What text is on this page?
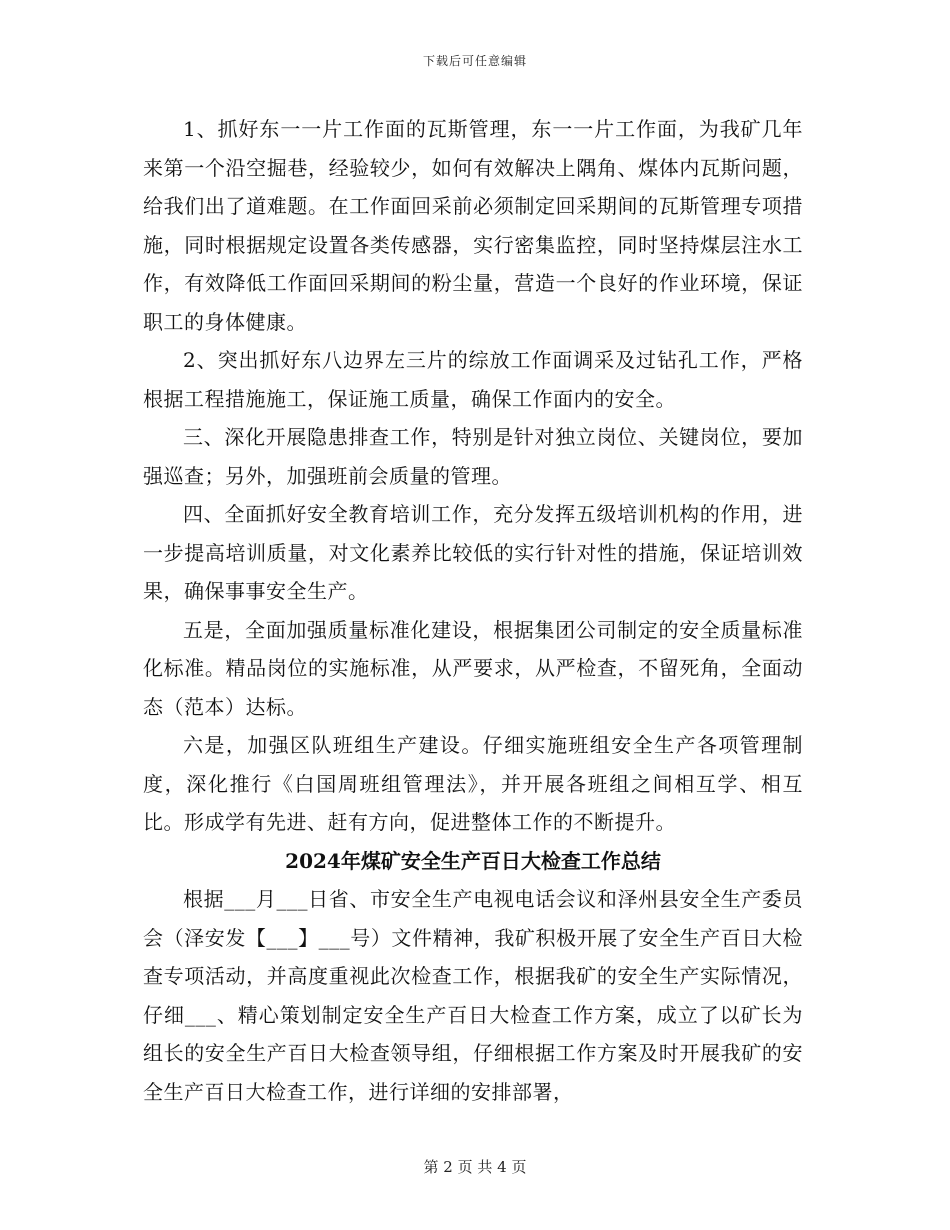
下载后可任意编辑

1、抓好东一一片工作面的瓦斯管理，东一一片工作面，为我矿几年来第一个沿空掘巷，经验较少，如何有效解决上隅角、煤体内瓦斯问题，给我们出了道难题。在工作面回采前必须制定回采期间的瓦斯管理专项措施，同时根据规定设置各类传感器，实行密集监控，同时坚持煤层注水工作，有效降低工作面回采期间的粉尘量，营造一个良好的作业环境，保证职工的身体健康。

2、突出抓好东八边界左三片的综放工作面调采及过钻孔工作，严格根据工程措施施工，保证施工质量，确保工作面内的安全。

三、深化开展隐患排查工作，特别是针对独立岗位、关键岗位，要加强巡查；另外，加强班前会质量的管理。

四、全面抓好安全教育培训工作，充分发挥五级培训机构的作用，进一步提高培训质量，对文化素养比较低的实行针对性的措施，保证培训效果，确保事事安全生产。

五是，全面加强质量标准化建设，根据集团公司制定的安全质量标准化标准。精品岗位的实施标准，从严要求，从严检查，不留死角，全面动态（范本）达标。

六是，加强区队班组生产建设。仔细实施班组安全生产各项管理制度，深化推行《白国周班组管理法》，并开展各班组之间相互学、相互比。形成学有先进、赶有方向，促进整体工作的不断提升。

2024年煤矿安全生产百日大检查工作总结

根据___月___日省、市安全生产电视电话会议和泽州县安全生产委员会（泽安发【___】___号）文件精神，我矿积极开展了安全生产百日大检查专项活动，并高度重视此次检查工作，根据我矿的安全生产实际情况，仔细___、精心策划制定安全生产百日大检查工作方案，成立了以矿长为组长的安全生产百日大检查领导组，仔细根据工作方案及时开展我矿的安全生产百日大检查工作，进行详细的安排部署，

第 2 页 共 4 页
